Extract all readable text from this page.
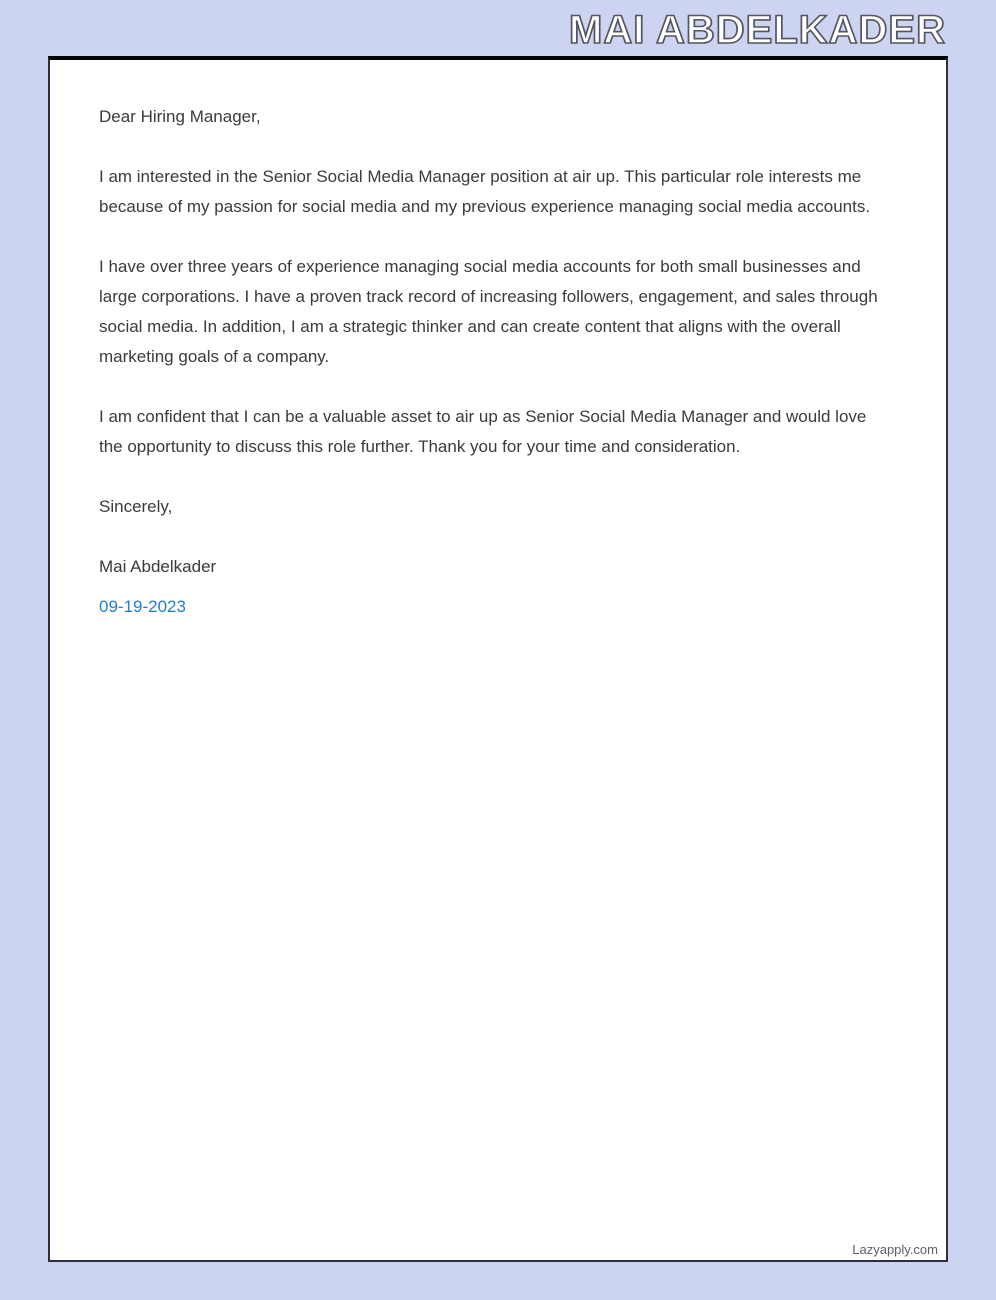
MAI ABDELKADER

Dear Hiring Manager,

I am interested in the Senior Social Media Manager position at air up. This particular role interests me because of my passion for social media and my previous experience managing social media accounts.

I have over three years of experience managing social media accounts for both small businesses and large corporations. I have a proven track record of increasing followers, engagement, and sales through social media. In addition, I am a strategic thinker and can create content that aligns with the overall marketing goals of a company.

I am confident that I can be a valuable asset to air up as Senior Social Media Manager and would love the opportunity to discuss this role further. Thank you for your time and consideration.

Sincerely,

Mai Abdelkader

09-19-2023
Lazyapply.com
